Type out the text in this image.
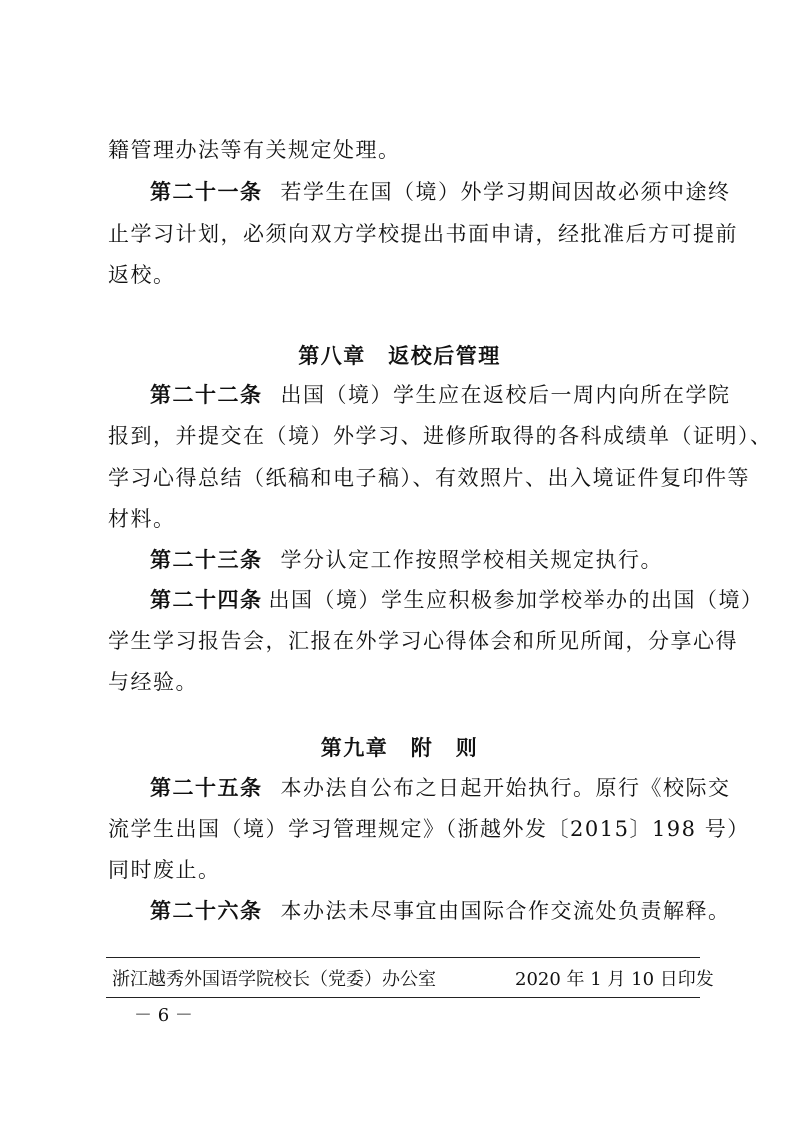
籍管理办法等有关规定处理。
第二十一条 若学生在国（境）外学习期间因故必须中途终
止学习计划，必须向双方学校提出书面申请，经批准后方可提前
返校。
第八章　返校后管理
第二十二条 出国（境）学生应在返校后一周内向所在学院
报到，并提交在（境）外学习、进修所取得的各科成绩单（证明）、
学习心得总结（纸稿和电子稿）、有效照片、出入境证件复印件等
材料。
第二十三条 学分认定工作按照学校相关规定执行。
第二十四条 出国（境）学生应积极参加学校举办的出国（境）
学生学习报告会，汇报在外学习心得体会和所见所闻，分享心得
与经验。
第九章　附　则
第二十五条 本办法自公布之日起开始执行。原行《校际交
流学生出国（境）学习管理规定》（浙越外发〔2015〕198 号）
同时废止。
第二十六条 本办法未尽事宜由国际合作交流处负责解释。
浙江越秀外国语学院校长（党委）办公室	2020 年 1 月 10 日印发
－ 6 －
